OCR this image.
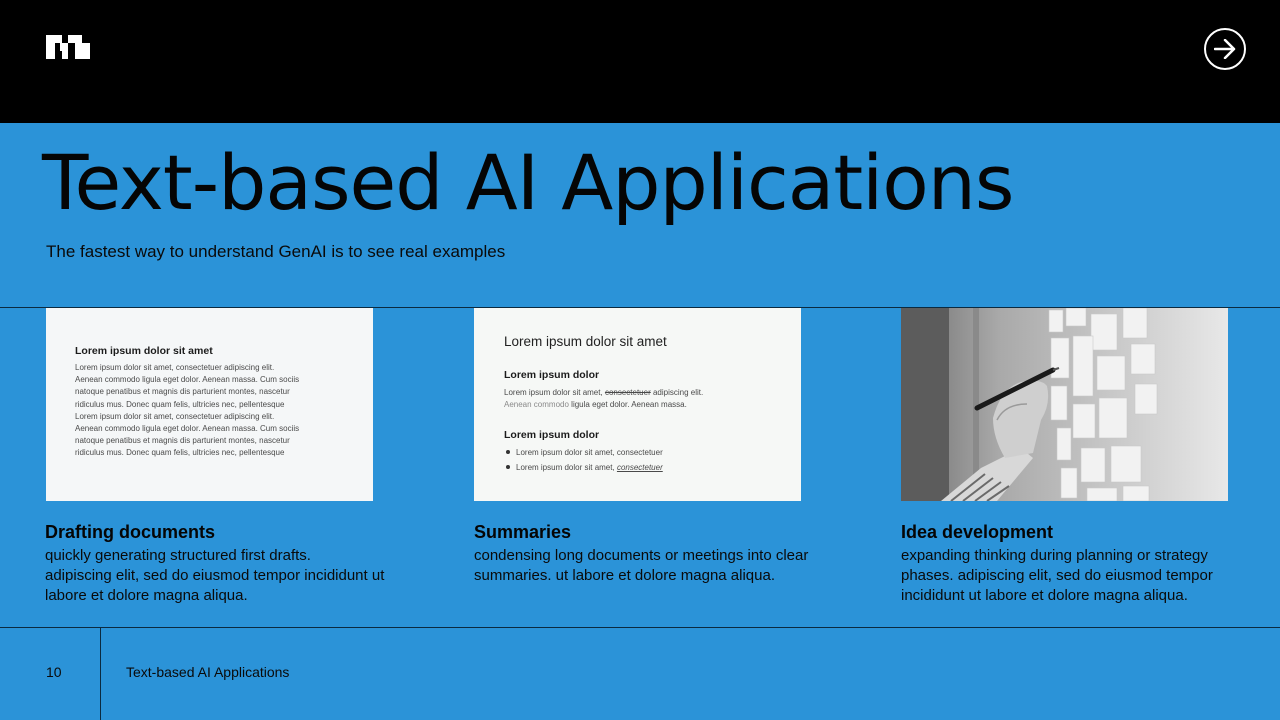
Text-based AI Applications

The fastest way to understand GenAI is to see real examples

Lorem ipsum dolor sit amet

Lorem ipsum dolor sit amet, consectetuer adipiscing elit.

Aenean commodo ligula eget dolor. Aenean massa. Cum sociis

natoque penatibus et magnis dis parturient montes, nascetur

ridiculus mus. Donec quam felis, ultricies nec, pellentesque

Lorem ipsum dolor sit amet, consectetuer adipiscing elit.

Aenean commodo ligula eget dolor. Aenean massa. Cum sociis

natoque penatibus et magnis dis parturient montes, nascetur

ridiculus mus. Donec quam felis, ultricies nec, pellentesque

Lorem ipsum dolor sit amet

Lorem ipsum dolor

Lorem ipsum dolor sit amet, consectetuer adipiscing elit.

Aenean commodo ligula eget dolor. Aenean massa.

Lorem ipsum dolor

Lorem ipsum dolor sit amet, consectetuer

Lorem ipsum dolor sit amet, consectetuer

Drafting documents

quickly generating structured first drafts.
adipiscing elit, sed do eiusmod tempor incididunt ut labore et dolore magna aliqua.

Summaries

condensing long documents or meetings into clear summaries. ut labore et dolore magna aliqua.

Idea development

expanding thinking during planning or strategy phases. adipiscing elit, sed do eiusmod tempor incididunt ut labore et dolore magna aliqua.

10	Text-based AI Applications
